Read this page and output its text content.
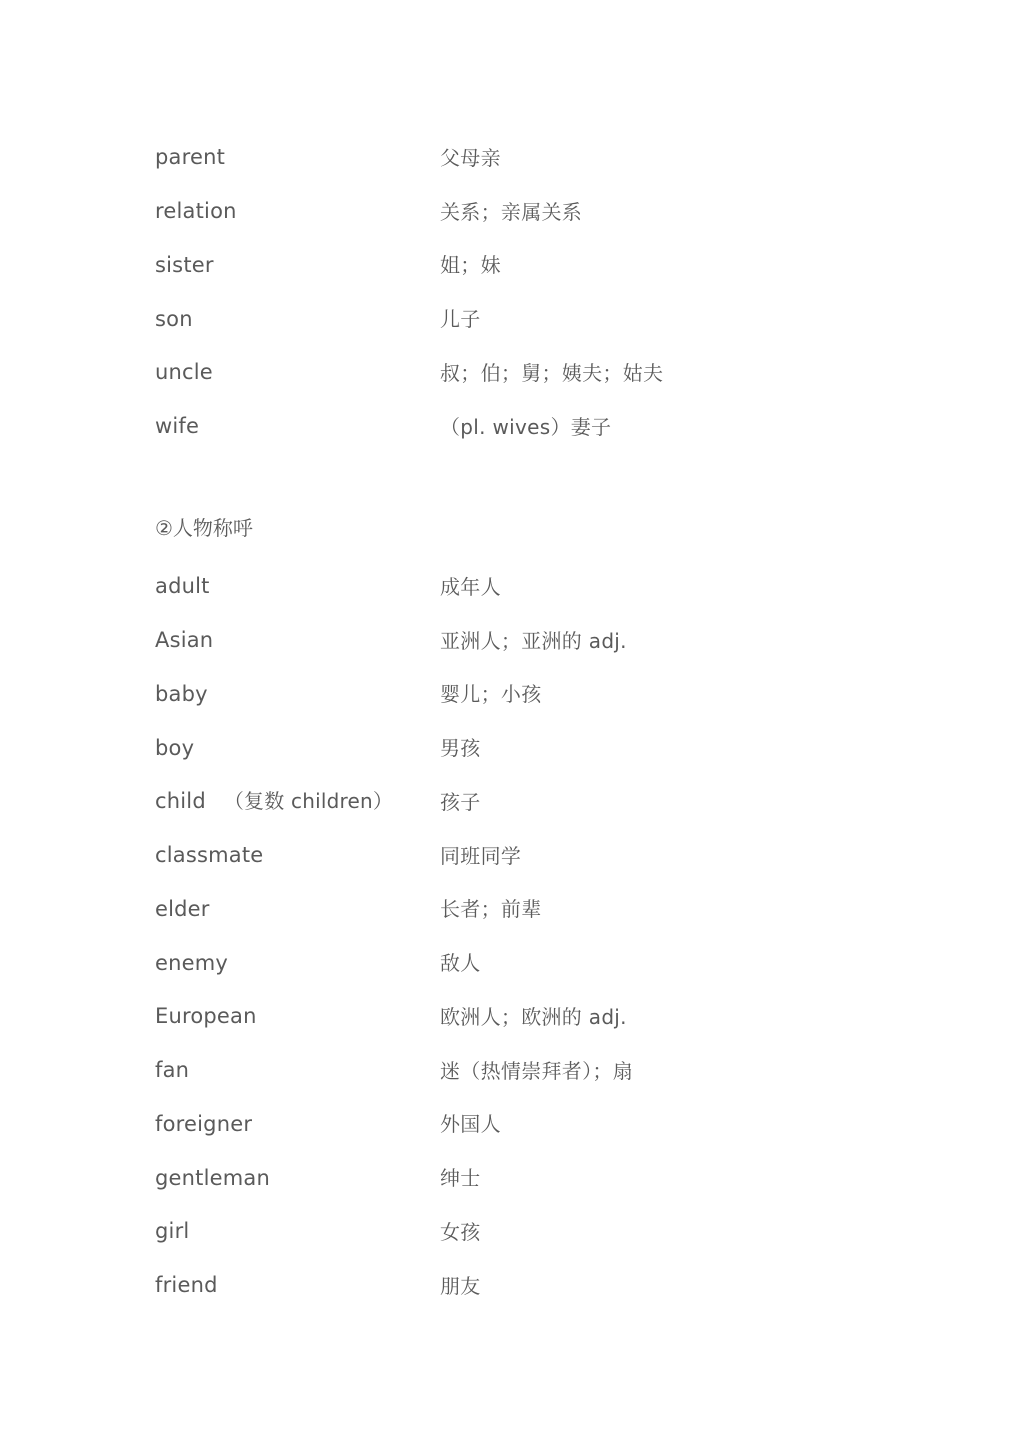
parent	父母亲
relation	关系；亲属关系
sister	姐；妹
son	儿子
uncle	叔；伯；舅；姨夫；姑夫
wife	（pl. wives）妻子
②人物称呼
adult	成年人
Asian	亚洲人；亚洲的 adj.
baby	婴儿；小孩
boy	男孩
child （复数 children）	孩子
classmate	同班同学
elder	长者；前辈
enemy	敌人
European	欧洲人；欧洲的 adj.
fan	迷（热情崇拜者）；扇
foreigner	外国人
gentleman	绅士
girl	女孩
friend	朋友
